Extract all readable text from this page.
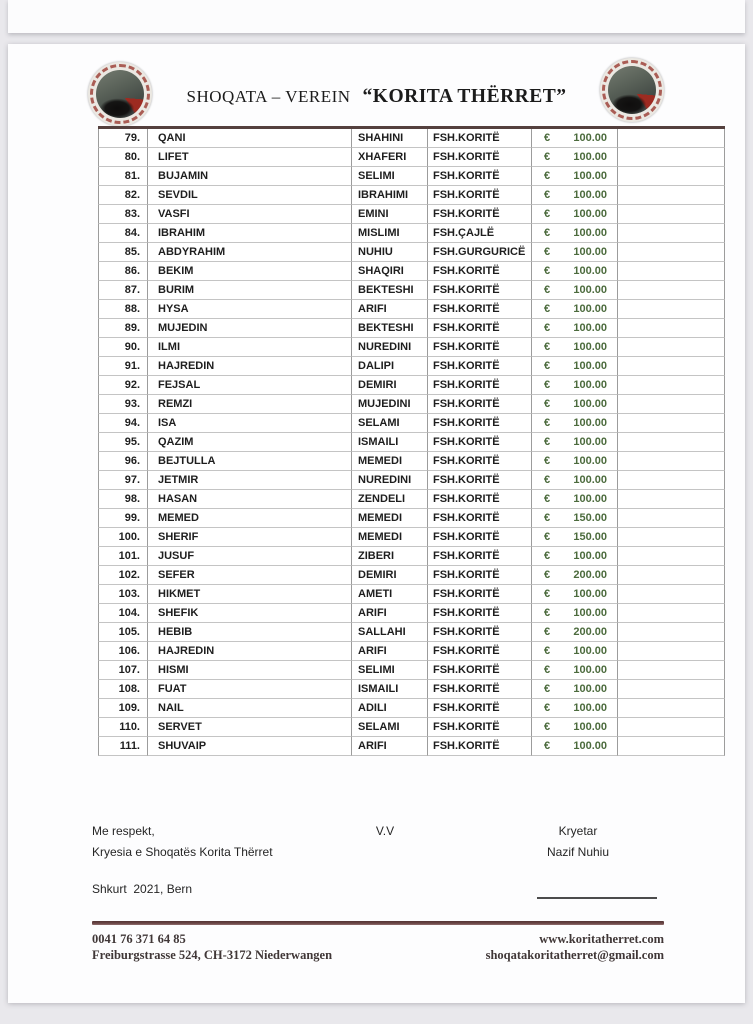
SHOQATA – VEREIN “KORITA THËRRET”
79.	QANI	SHAHINI	FSH.KORITË	€ 100.00
80.	LIFET	XHAFERI	FSH.KORITË	€ 100.00
81.	BUJAMIN	SELIMI	FSH.KORITË	€ 100.00
82.	SEVDIL	IBRAHIMI	FSH.KORITË	€ 100.00
83.	VASFI	EMINI	FSH.KORITË	€ 100.00
84.	IBRAHIM	MISLIMI	FSH.ÇAJLË	€ 100.00
85.	ABDYRAHIM	NUHIU	FSH.GURGURICË	€ 100.00
86.	BEKIM	SHAQIRI	FSH.KORITË	€ 100.00
87.	BURIM	BEKTESHI	FSH.KORITË	€ 100.00
88.	HYSA	ARIFI	FSH.KORITË	€ 100.00
89.	MUJEDIN	BEKTESHI	FSH.KORITË	€ 100.00
90.	ILMI	NUREDINI	FSH.KORITË	€ 100.00
91.	HAJREDIN	DALIPI	FSH.KORITË	€ 100.00
92.	FEJSAL	DEMIRI	FSH.KORITË	€ 100.00
93.	REMZI	MUJEDINI	FSH.KORITË	€ 100.00
94.	ISA	SELAMI	FSH.KORITË	€ 100.00
95.	QAZIM	ISMAILI	FSH.KORITË	€ 100.00
96.	BEJTULLA	MEMEDI	FSH.KORITË	€ 100.00
97.	JETMIR	NUREDINI	FSH.KORITË	€ 100.00
98.	HASAN	ZENDELI	FSH.KORITË	€ 100.00
99.	MEMED	MEMEDI	FSH.KORITË	€ 150.00
100.	SHERIF	MEMEDI	FSH.KORITË	€ 150.00
101.	JUSUF	ZIBERI	FSH.KORITË	€ 100.00
102.	SEFER	DEMIRI	FSH.KORITË	€ 200.00
103.	HIKMET	AMETI	FSH.KORITË	€ 100.00
104.	SHEFIK	ARIFI	FSH.KORITË	€ 100.00
105.	HEBIB	SALLAHI	FSH.KORITË	€ 200.00
106.	HAJREDIN	ARIFI	FSH.KORITË	€ 100.00
107.	HISMI	SELIMI	FSH.KORITË	€ 100.00
108.	FUAT	ISMAILI	FSH.KORITË	€ 100.00
109.	NAIL	ADILI	FSH.KORITË	€ 100.00
110.	SERVET	SELAMI	FSH.KORITË	€ 100.00
111.	SHUVAIP	ARIFI	FSH.KORITË	€ 100.00
Me respekt,
Kryesia e Shoqatës Korita Thërret
V.V	Kryetar
Nazif Nuhiu
Shkurt  2021, Bern
0041 76 371 64 85
Freiburgstrasse 524, CH-3172 Niederwangen
www.koritatherret.com
shoqatakoritatherret@gmail.com
